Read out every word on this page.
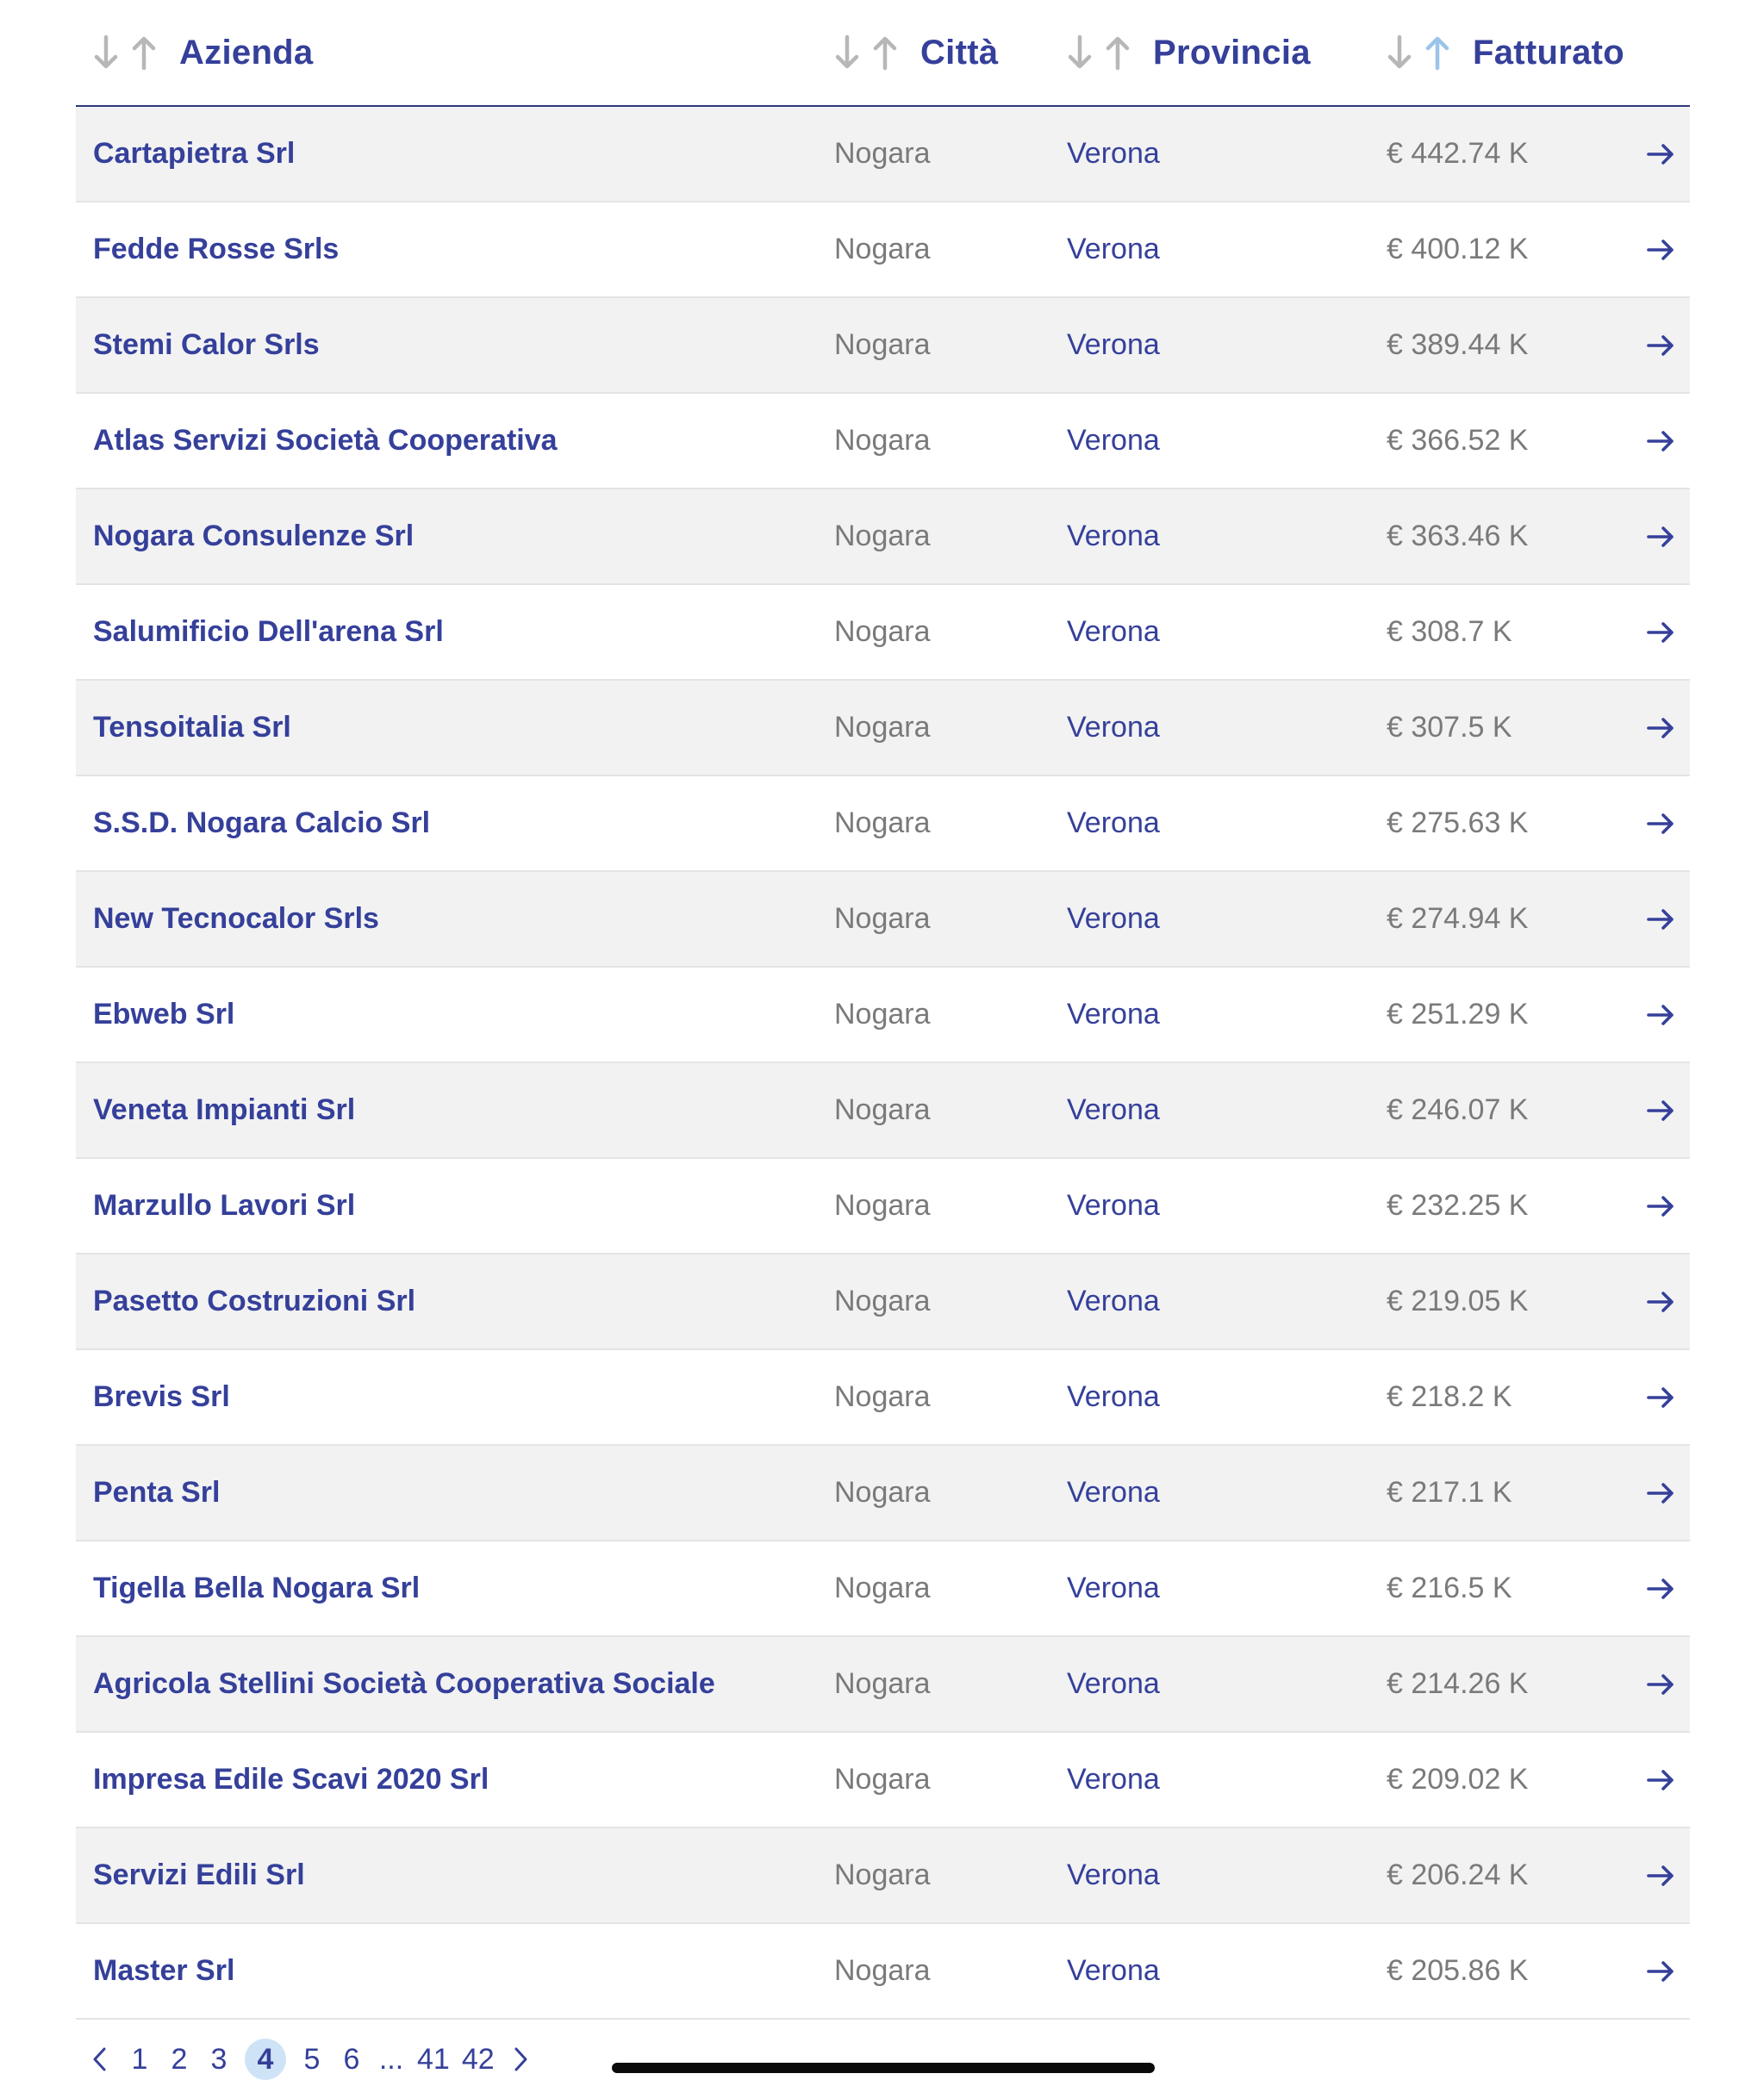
Azienda	Città	Provincia	Fatturato
Cartapietra Srl	Nogara	Verona	€ 442.74 K
Fedde Rosse Srls	Nogara	Verona	€ 400.12 K
Stemi Calor Srls	Nogara	Verona	€ 389.44 K
Atlas Servizi Società Cooperativa	Nogara	Verona	€ 366.52 K
Nogara Consulenze Srl	Nogara	Verona	€ 363.46 K
Salumificio Dell'arena Srl	Nogara	Verona	€ 308.7 K
Tensoitalia Srl	Nogara	Verona	€ 307.5 K
S.S.D. Nogara Calcio Srl	Nogara	Verona	€ 275.63 K
New Tecnocalor Srls	Nogara	Verona	€ 274.94 K
Ebweb Srl	Nogara	Verona	€ 251.29 K
Veneta Impianti Srl	Nogara	Verona	€ 246.07 K
Marzullo Lavori Srl	Nogara	Verona	€ 232.25 K
Pasetto Costruzioni Srl	Nogara	Verona	€ 219.05 K
Brevis Srl	Nogara	Verona	€ 218.2 K
Penta Srl	Nogara	Verona	€ 217.1 K
Tigella Bella Nogara Srl	Nogara	Verona	€ 216.5 K
Agricola Stellini Società Cooperativa Sociale	Nogara	Verona	€ 214.26 K
Impresa Edile Scavi 2020 Srl	Nogara	Verona	€ 209.02 K
Servizi Edili Srl	Nogara	Verona	€ 206.24 K
Master Srl	Nogara	Verona	€ 205.86 K
1 2 3	4	5 6 ... 41 42
